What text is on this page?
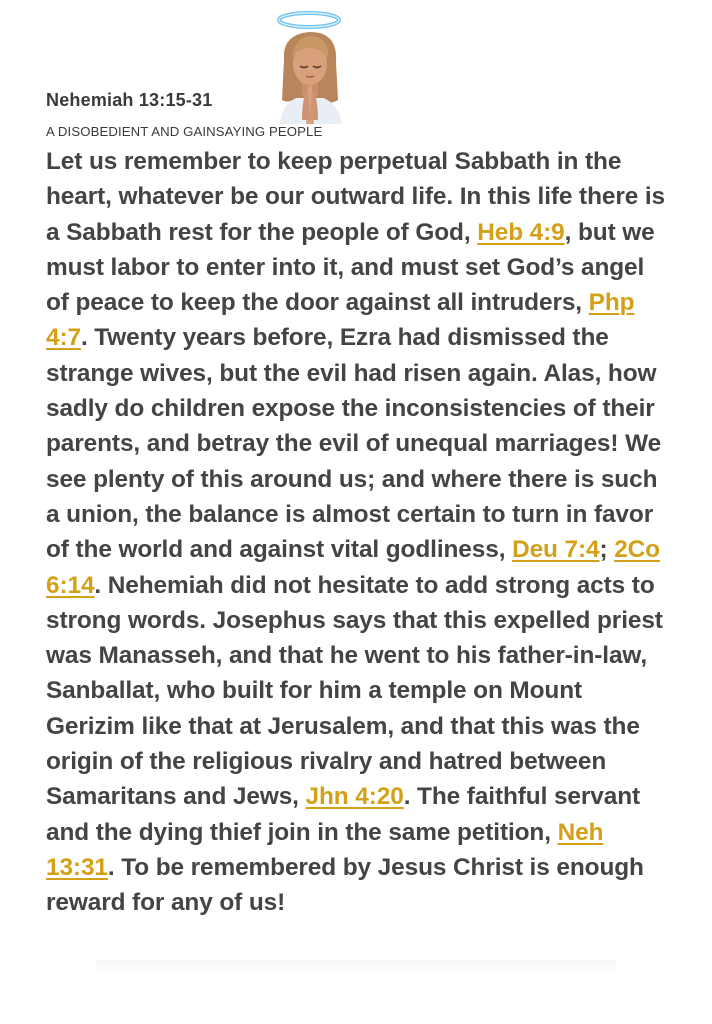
Nehemiah 13:15-31
A DISOBEDIENT AND GAINSAYING PEOPLE
Let us remember to keep perpetual Sabbath in the heart, whatever be our outward life. In this life there is a Sabbath rest for the people of God, Heb 4:9, but we must labor to enter into it, and must set God’s angel of peace to keep the door against all intruders, Php 4:7. Twenty years before, Ezra had dismissed the strange wives, but the evil had risen again. Alas, how sadly do children expose the inconsistencies of their parents, and betray the evil of unequal marriages! We see plenty of this around us; and where there is such a union, the balance is almost certain to turn in favor of the world and against vital godliness, Deu 7:4; 2Co 6:14. Nehemiah did not hesitate to add strong acts to strong words. Josephus says that this expelled priest was Manasseh, and that he went to his father-in-law, Sanballat, who built for him a temple on Mount Gerizim like that at Jerusalem, and that this was the origin of the religious rivalry and hatred between Samaritans and Jews, Jhn 4:20. The faithful servant and the dying thief join in the same petition, Neh 13:31. To be remembered by Jesus Christ is enough reward for any of us!
